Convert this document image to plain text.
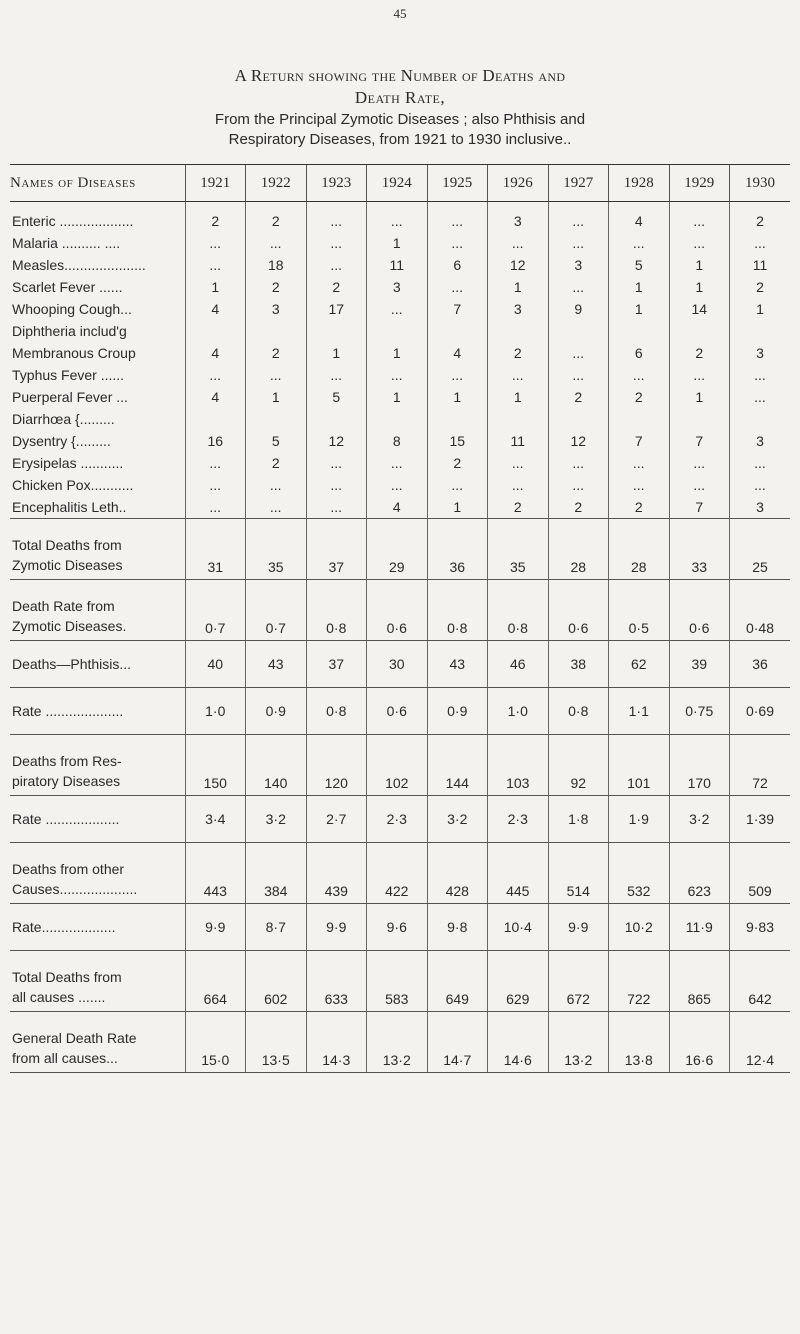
45
A Return showing the Number of Deaths and
Death Rate,
From the Principal Zymotic Diseases ; also Phthisis and
Respiratory Diseases, from 1921 to 1930 inclusive..
Names of Diseases	1921	1922	1923	1924	1925	1926	1927	1928	1929	1930

Enteric ...................	2	2	...	...	...	3	...	4	...	2
Malaria .......... ....	...	...	...	1	...	...	...	...	...	...
Measles.....................	...	18	...	11	6	12	3	5	1	11
Scarlet Fever ......	1	2	2	3	...	1	...	1	1	2
Whooping Cough...	4	3	17	...	7	3	9	1	14	1
Diphtheria includ'g										
Membranous Croup	4	2	1	1	4	2	...	6	2	3
Typhus Fever ......	...	...	...	...	...	...	...	...	...	...
Puerperal Fever ...	4	1	5	1	1	1	2	2	1	...
Diarrhœa {.........										
Dysentry {.........	16	5	12	8	15	11	12	7	7	3
Erysipelas ...........	...	2	...	...	2	...	...	...	...	...
Chicken Pox...........	...	...	...	...	...	...	...	...	...	...
Encephalitis Leth..	...	...	...	4	1	2	2	2	7	3

Total Deaths from
Zymotic Diseases	31	35	37	29	36	35	28	28	33	25

Death Rate from
Zymotic Diseases.	0·7	0·7	0·8	0·6	0·8	0·8	0·6	0·5	0·6	0·48

Deaths—Phthisis...	40	43	37	30	43	46	38	62	39	36

Rate ....................	1·0	0·9	0·8	0·6	0·9	1·0	0·8	1·1	0·75	0·69

Deaths from Res-
piratory Diseases	150	140	120	102	144	103	92	101	170	72

Rate ...................	3·4	3·2	2·7	2·3	3·2	2·3	1·8	1·9	3·2	1·39

Deaths from other
Causes....................	443	384	439	422	428	445	514	532	623	509

Rate...................	9·9	8·7	9·9	9·6	9·8	10·4	9·9	10·2	11·9	9·83

Total Deaths from
all causes .......	664	602	633	583	649	629	672	722	865	642

General Death Rate
from all causes...	15·0	13·5	14·3	13·2	14·7	14·6	13·2	13·8	16·6	12·4
